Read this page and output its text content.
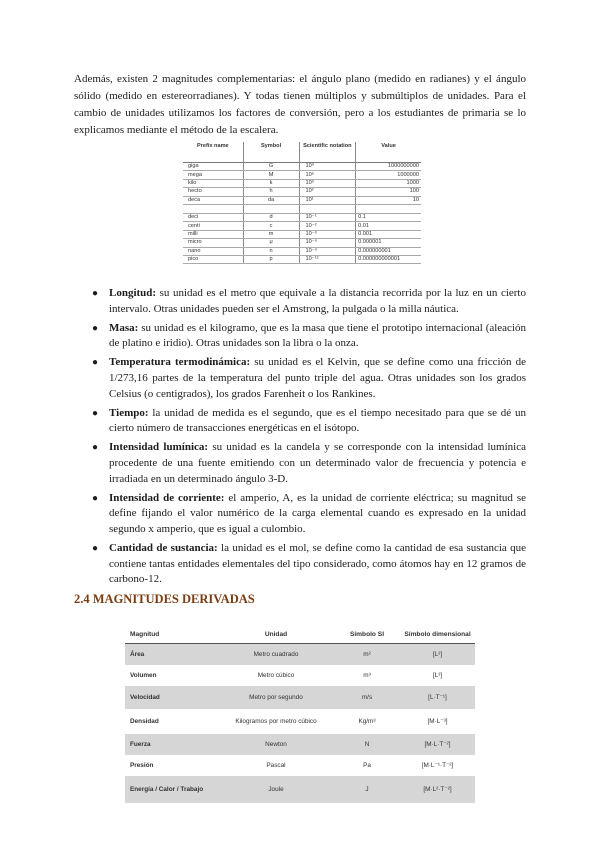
Además, existen 2 magnitudes complementarias: el ángulo plano (medido en radianes) y el ángulo sólido (medido en estereorradianes). Y todas tienen múltiplos y submúltiplos de unidades. Para el cambio de unidades utilizamos los factores de conversión, pero a los estudiantes de primaria se lo explicamos mediante el método de la escalera.

Prefix name	Symbol	Scientific notation	Value
giga	G	10⁹	1000000000
mega	M	10⁶	1000000
kilo	k	10³	1000
hecto	h	10²	100
deca	da	10¹	10

deci	d	10⁻¹	0.1
centi	c	10⁻²	0.01
milli	m	10⁻³	0.001
micro	μ	10⁻⁶	0.000001
nano	n	10⁻⁹	0.000000001
pico	p	10⁻¹²	0.000000000001
● Longitud: su unidad es el metro que equivale a la distancia recorrida por la luz en un cierto intervalo. Otras unidades pueden ser el Amstrong, la pulgada o la milla náutica.
● Masa: su unidad es el kilogramo, que es la masa que tiene el prototipo internacional (aleación de platino e iridio). Otras unidades son la libra o la onza.
● Temperatura termodinámica: su unidad es el Kelvin, que se define como una fricción de 1/273,16 partes de la temperatura del punto triple del agua. Otras unidades son los grados Celsius (o centigrados), los grados Farenheit o los Rankines.
● Tiempo: la unidad de medida es el segundo, que es el tiempo necesitado para que se dé un cierto número de transacciones energéticas en el isótopo.
● Intensidad lumínica: su unidad es la candela y se corresponde con la intensidad lumínica procedente de una fuente emitiendo con un determinado valor de frecuencia y potencia e irradiada en un determinado ángulo 3-D.
● Intensidad de corriente: el amperio, A, es la unidad de corriente eléctrica; su magnitud se define fijando el valor numérico de la carga elemental cuando es expresado en la unidad segundo x amperio, que es igual a culombio.
● Cantidad de sustancia: la unidad es el mol, se define como la cantidad de esa sustancia que contiene tantas entidades elementales del tipo considerado, como átomos hay en 12 gramos de carbono-12.
2.4 MAGNITUDES DERIVADAS
Magnitud	Unidad	Símbolo SI	Símbolo dimensional
Área	Metro cuadrado	m²	[L²]
Volumen	Metro cúbico	m³	[L³]
Velocidad	Metro por segundo	m/s	[L·T⁻¹]
Densidad	Kilogramos por metro cúbico	Kg/m³	[M·L⁻³]
Fuerza	Newton	N	[M·L·T⁻²]
Presión	Pascal	Pa	[M·L⁻¹·T⁻²]
Energía / Calor / Trabajo	Joule	J	[M·L²·T⁻²]
